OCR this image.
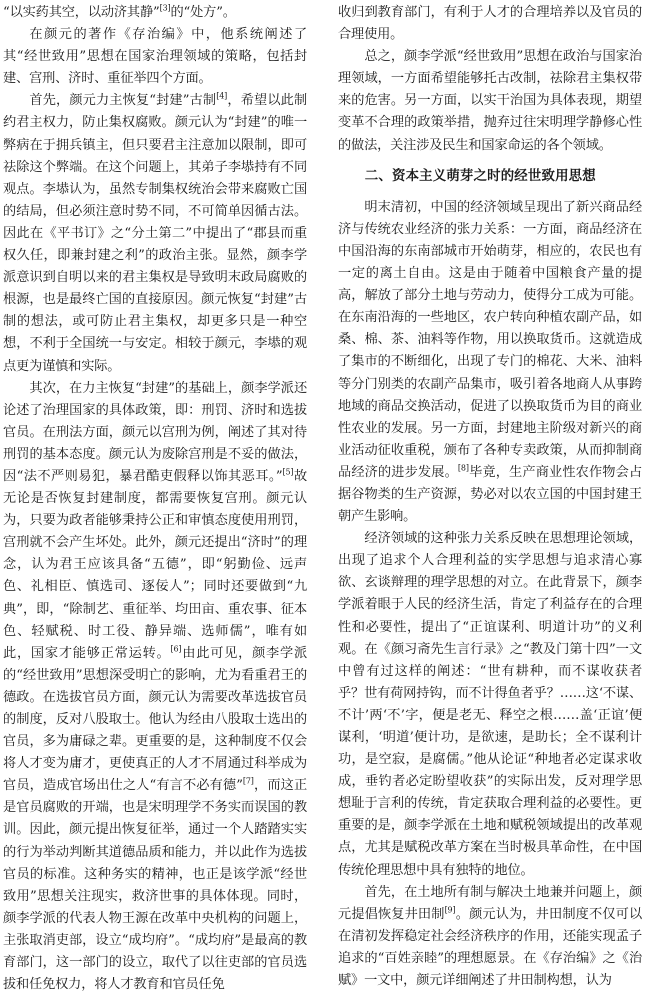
“以实药其空，以动济其静”[3]的“处方”。

在颜元的著作《存治编》中，他系统阐述了其“经世致用”思想在国家治理领域的策略，包括封建、宫刑、济时、重征举四个方面。

首先，颜元力主恢复“封建”古制[4]，希望以此制约君主权力，防止集权腐败。颜元认为“封建”的唯一弊病在于拥兵镇主，但只要君主注意加以限制，即可祛除这个弊端。在这个问题上，其弟子李塨持有不同观点。李塨认为，虽然专制集权统治会带来腐败亡国的结局，但必须注意时势不同，不可简单因循古法。因此在《平书订》之“分土第二”中提出了“郡县而重权久任，即兼封建之利”的政治主张。显然，颜李学派意识到自明以来的君主集权是导致明末政局腐败的根源，也是最终亡国的直接原因。颜元恢复“封建”古制的想法，或可防止君主集权，却更多只是一种空想，不利于全国统一与安定。相较于颜元，李塨的观点更为谨慎和实际。

其次，在力主恢复“封建”的基础上，颜李学派还论述了治理国家的具体政策，即：刑罚、济时和选拔官员。在刑法方面，颜元以宫刑为例，阐述了其对待刑罚的基本态度。颜元认为废除宫刑是不妥的做法，因“法不严则易犯，暴君酷吏假释以饰其恶耳。”[5]故无论是否恢复封建制度，都需要恢复宫刑。颜元认为，只要为政者能够秉持公正和审慎态度使用刑罚，宫刑就不会产生坏处。此外，颜元还提出“济时”的理念，认为君王应该具备“五德”，即“躬勤俭、远声色、礼相臣、慎选司、逐佞人”；同时还要做到“九典”，即，“除制艺、重征举、均田亩、重农事、征本色、轻赋税、时工役、静异端、选师儒”，唯有如此，国家才能够正常运转。[6]由此可见，颜李学派的“经世致用”思想深受明亡的影响，尤为看重君王的德政。在选拔官员方面，颜元认为需要改革选拔官员的制度，反对八股取士。他认为经由八股取士选出的官员，多为庸碌之辈。更重要的是，这种制度不仅会将人才变为庸才，更使真正的人才不屑通过科举成为官员，造成官场出仕之人“有言不必有德”[7]，而这正是官员腐败的开端，也是宋明理学不务实而误国的教训。因此，颜元提出恢复征举，通过一个人踏踏实实的行为举动判断其道德品质和能力，并以此作为选拔官员的标准。这种务实的精神，也正是该学派“经世致用”思想关注现实，救济世事的具体体现。同时，颜李学派的代表人物王源在改革中央机构的问题上，主张取消吏部，设立“成均府”。“成均府”是最高的教育部门，这一部门的设立，取代了以往吏部的官员选拔和任免权力，将人才教育和官员任免

收归到教育部门，有利于人才的合理培养以及官员的合理使用。

总之，颜李学派“经世致用”思想在政治与国家治理领域，一方面希望能够托古改制，祛除君主集权带来的危害。另一方面，以实干治国为具体表现，期望变革不合理的政策举措，抛弃过往宋明理学静修心性的做法，关注涉及民生和国家命运的各个领域。

二、资本主义萌芽之时的经世致用思想

明末清初，中国的经济领域呈现出了新兴商品经济与传统农业经济的张力关系：一方面，商品经济在中国沿海的东南部城市开始萌芽，相应的，农民也有一定的离土自由。这是由于随着中国粮食产量的提高，解放了部分土地与劳动力，使得分工成为可能。在东南沿海的一些地区，农户转向种植农副产品，如桑、棉、茶、油料等作物，用以换取货币。这就造成了集市的不断细化，出现了专门的棉花、大米、油料等分门别类的农副产品集市，吸引着各地商人从事跨地域的商品交换活动，促进了以换取货币为目的商业性农业的发展。另一方面，封建地主阶级对新兴的商业活动征收重税，颁布了各种专卖政策，从而抑制商品经济的进步发展。[8]毕竟，生产商业性农作物会占据谷物类的生产资源，势必对以农立国的中国封建王朝产生影响。

经济领域的这种张力关系反映在思想理论领域，出现了追求个人合理利益的实学思想与追求清心寡欲、玄谈辩理的理学思想的对立。在此背景下，颜李学派着眼于人民的经济生活，肯定了利益存在的合理性和必要性，提出了“正谊谋利、明道计功”的义利观。在《颜习斋先生言行录》之“教及门第十四”一文中曾有过这样的阐述：“世有耕种，而不谋收获者乎？世有荷网持钩，而不计得鱼者乎？……这‘不谋、不计’两‘不’字，便是老无、释空之根……盖‘正谊’便谋利，‘明道’便计功，是欲速，是助长；全不谋利计功，是空寂，是腐儒。”他从论证“种地者必定谋求收成，垂钓者必定盼望收获”的实际出发，反对理学思想耻于言利的传统，肯定获取合理利益的必要性。更重要的是，颜李学派在土地和赋税领域提出的改革观点，尤其是赋税改革方案在当时极具革命性，在中国传统伦理思想中具有独特的地位。

首先，在土地所有制与解决土地兼并问题上，颜元提倡恢复井田制[9]。颜元认为，井田制度不仅可以在清初发挥稳定社会经济秩序的作用，还能实现孟子追求的“百姓亲睦”的理想愿景。在《存治编》之《治赋》一文中，颜元详细阐述了井田制构想，认为
